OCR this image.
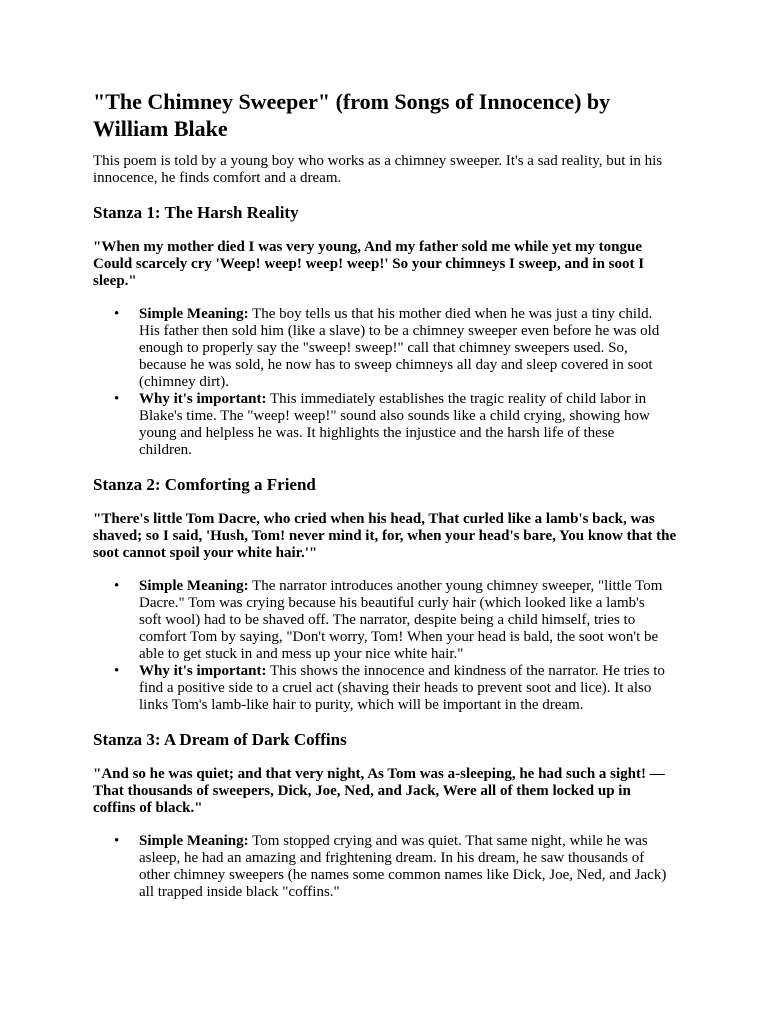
"The Chimney Sweeper" (from Songs of Innocence) by William Blake

This poem is told by a young boy who works as a chimney sweeper. It's a sad reality, but in his innocence, he finds comfort and a dream.

Stanza 1: The Harsh Reality

"When my mother died I was very young, And my father sold me while yet my tongue Could scarcely cry 'Weep! weep! weep! weep!' So your chimneys I sweep, and in soot I sleep."

• Simple Meaning: The boy tells us that his mother died when he was just a tiny child. His father then sold him (like a slave) to be a chimney sweeper even before he was old enough to properly say the "sweep! sweep!" call that chimney sweepers used. So, because he was sold, he now has to sweep chimneys all day and sleep covered in soot (chimney dirt).
• Why it's important: This immediately establishes the tragic reality of child labor in Blake's time. The "weep! weep!" sound also sounds like a child crying, showing how young and helpless he was. It highlights the injustice and the harsh life of these children.
Stanza 2: Comforting a Friend

"There's little Tom Dacre, who cried when his head, That curled like a lamb's back, was shaved; so I said, 'Hush, Tom! never mind it, for, when your head's bare, You know that the soot cannot spoil your white hair.'"

• Simple Meaning: The narrator introduces another young chimney sweeper, "little Tom Dacre." Tom was crying because his beautiful curly hair (which looked like a lamb's soft wool) had to be shaved off. The narrator, despite being a child himself, tries to comfort Tom by saying, "Don't worry, Tom! When your head is bald, the soot won't be able to get stuck in and mess up your nice white hair."
• Why it's important: This shows the innocence and kindness of the narrator. He tries to find a positive side to a cruel act (shaving their heads to prevent soot and lice). It also links Tom's lamb-like hair to purity, which will be important in the dream.
Stanza 3: A Dream of Dark Coffins

"And so he was quiet; and that very night, As Tom was a-sleeping, he had such a sight! — That thousands of sweepers, Dick, Joe, Ned, and Jack, Were all of them locked up in coffins of black."

• Simple Meaning: Tom stopped crying and was quiet. That same night, while he was asleep, he had an amazing and frightening dream. In his dream, he saw thousands of other chimney sweepers (he names some common names like Dick, Joe, Ned, and Jack) all trapped inside black "coffins."
